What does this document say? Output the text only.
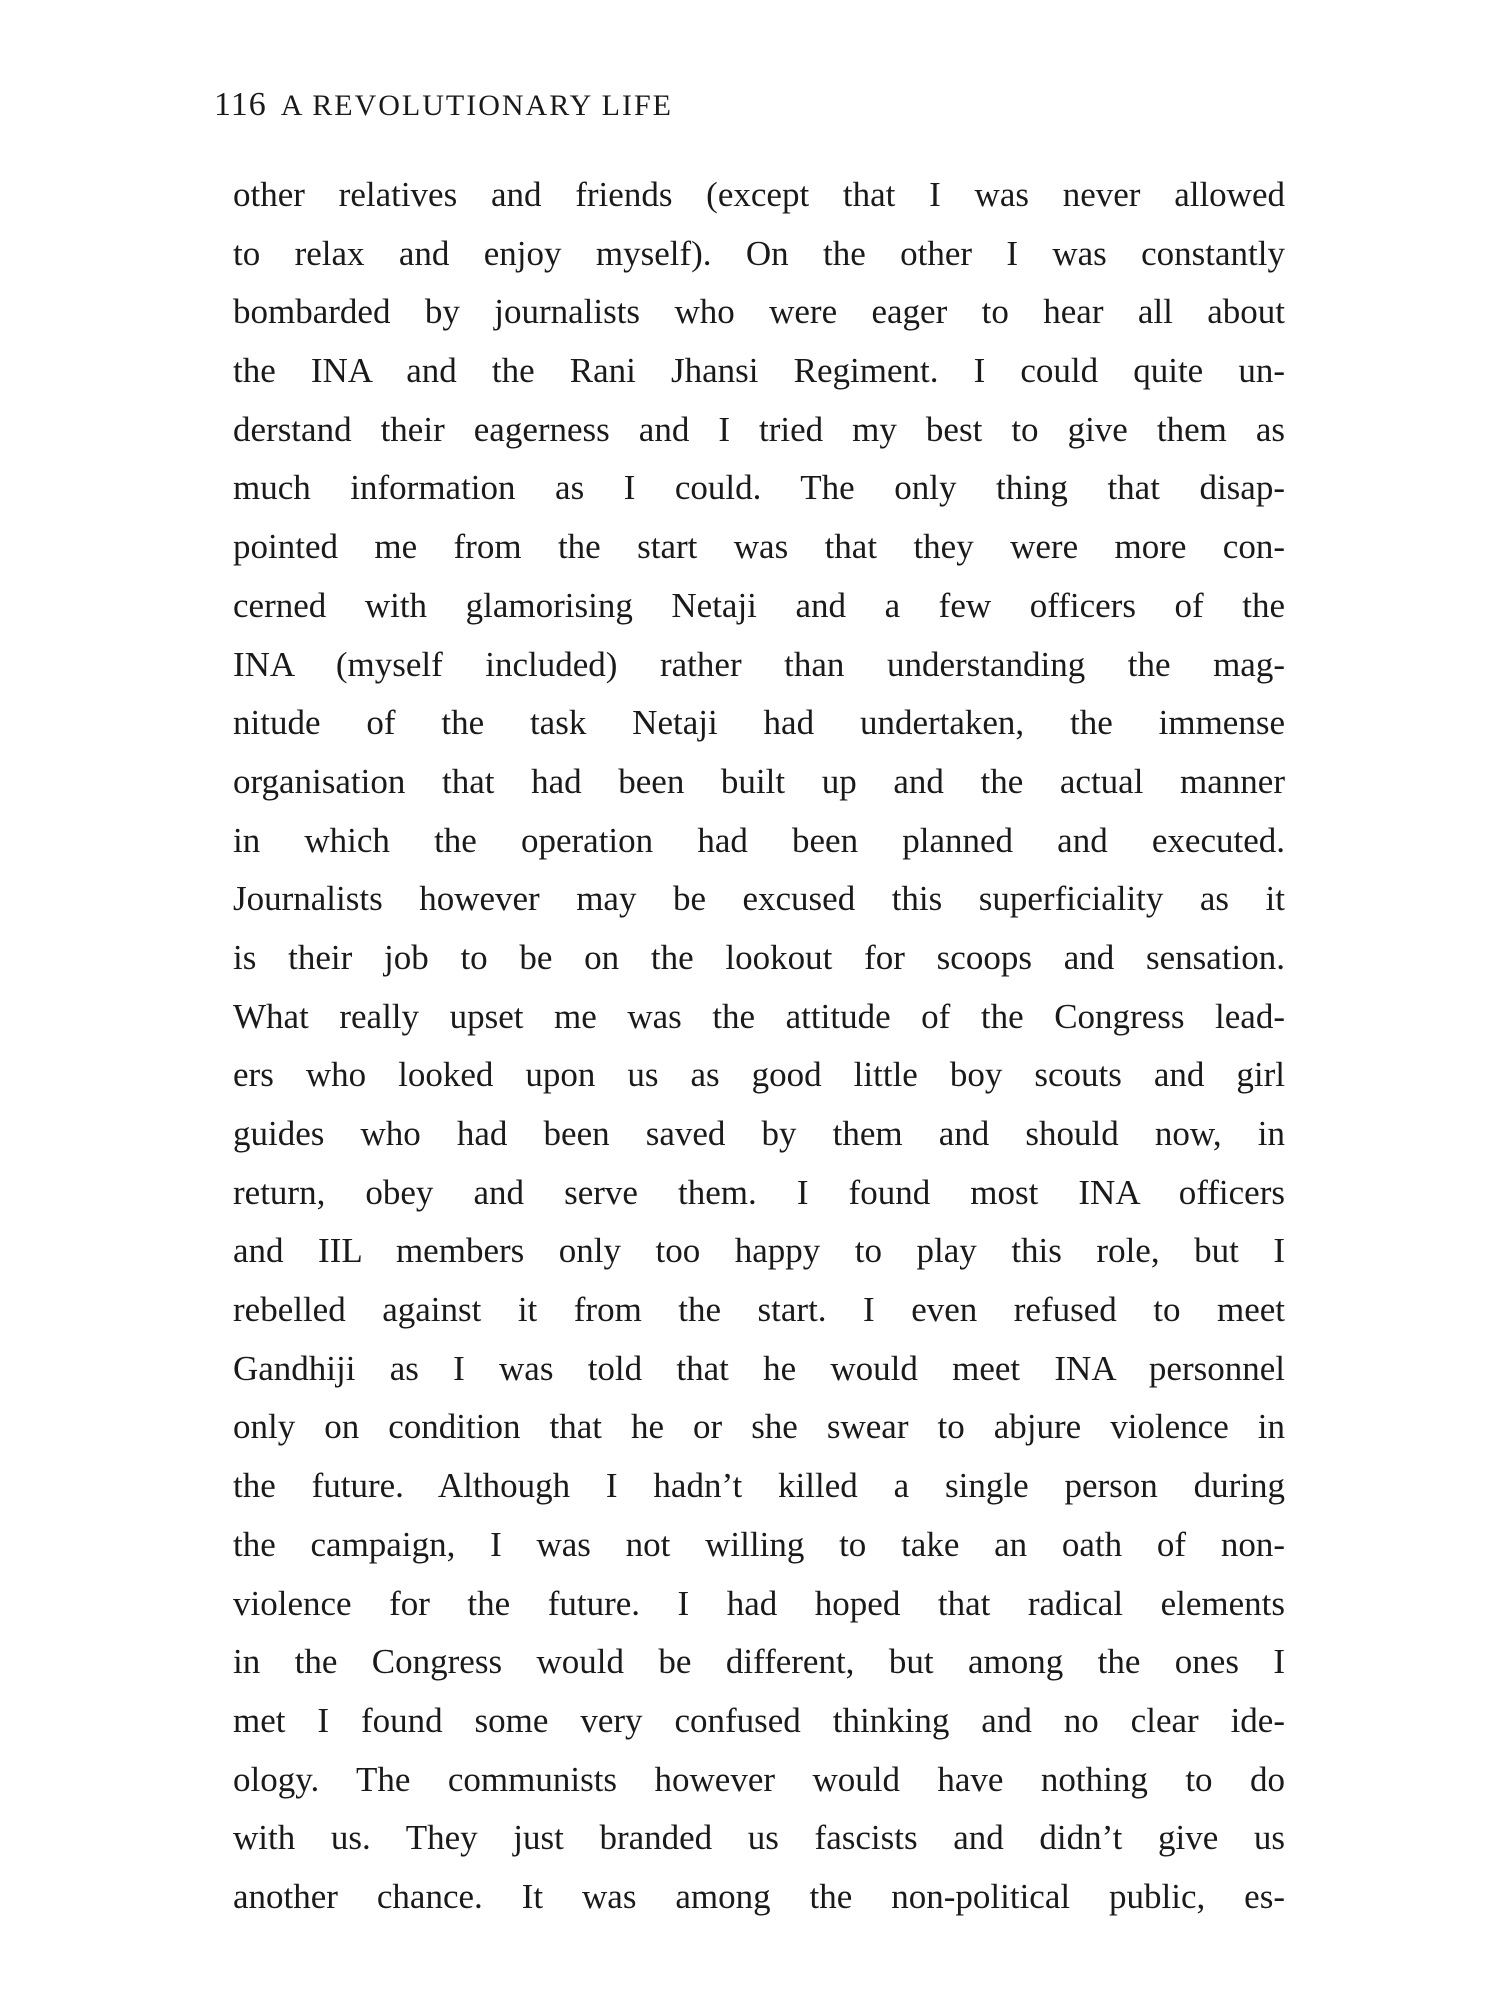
116 A REVOLUTIONARY LIFE
other relatives and friends (except that I was never allowed
to relax and enjoy myself). On the other I was constantly
bombarded by journalists who were eager to hear all about
the INA and the Rani Jhansi Regiment. I could quite un-
derstand their eagerness and I tried my best to give them as
much information as I could. The only thing that disap-
pointed me from the start was that they were more con-
cerned with glamorising Netaji and a few officers of the
INA (myself included) rather than understanding the mag-
nitude of the task Netaji had undertaken, the immense
organisation that had been built up and the actual manner
in which the operation had been planned and executed.
Journalists however may be excused this superficiality as it
is their job to be on the lookout for scoops and sensation.
What really upset me was the attitude of the Congress lead-
ers who looked upon us as good little boy scouts and girl
guides who had been saved by them and should now, in
return, obey and serve them. I found most INA officers
and IIL members only too happy to play this role, but I
rebelled against it from the start. I even refused to meet
Gandhiji as I was told that he would meet INA personnel
only on condition that he or she swear to abjure violence in
the future. Although I hadn’t killed a single person during
the campaign, I was not willing to take an oath of non-
violence for the future. I had hoped that radical elements
in the Congress would be different, but among the ones I
met I found some very confused thinking and no clear ide-
ology. The communists however would have nothing to do
with us. They just branded us fascists and didn’t give us
another chance. It was among the non-political public, es-
